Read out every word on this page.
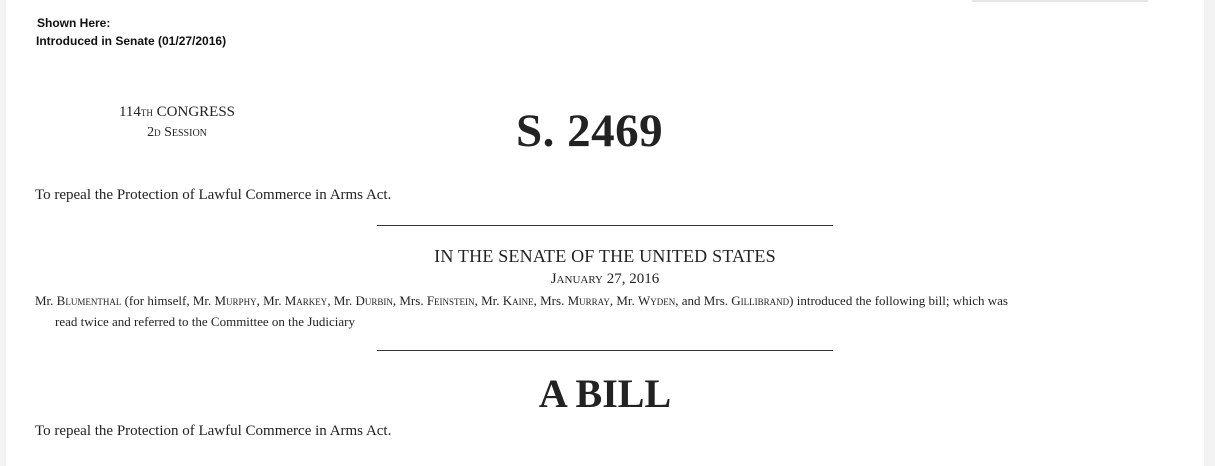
Shown Here:
Introduced in Senate (01/27/2016)
114th CONGRESS
2d Session	S. 2469
To repeal the Protection of Lawful Commerce in Arms Act.
IN THE SENATE OF THE UNITED STATES
January 27, 2016
Mr. Blumenthal (for himself, Mr. Murphy, Mr. Markey, Mr. Durbin, Mrs. Feinstein, Mr. Kaine, Mrs. Murray, Mr. Wyden, and Mrs. Gillibrand) introduced the following bill; which was
read twice and referred to the Committee on the Judiciary
A BILL
To repeal the Protection of Lawful Commerce in Arms Act.
